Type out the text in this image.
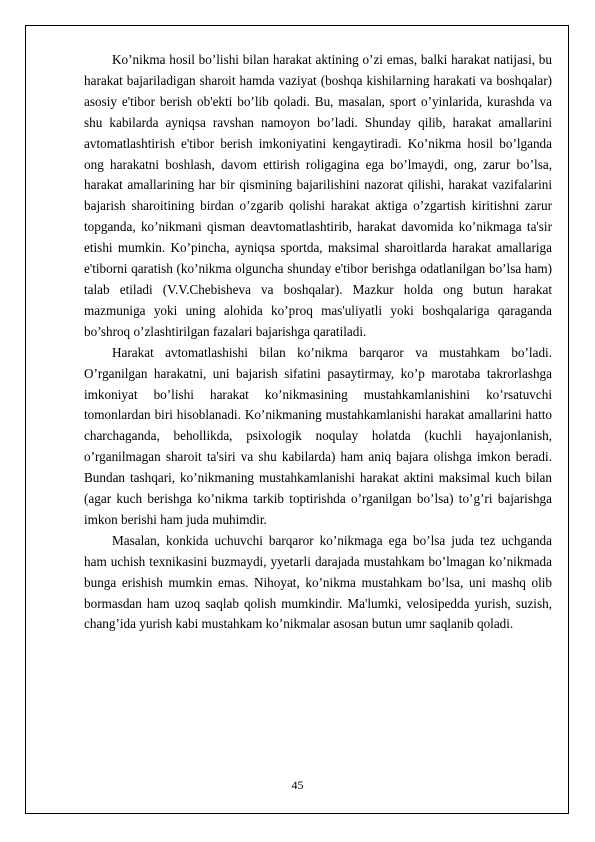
Ko’nikma hosil bo’lishi bilan harakat aktining o’zi emas, balki harakat natijasi, bu harakat bajariladigan sharoit hamda vaziyat (boshqa kishilarning harakati va boshqalar) asosiy e'tibor berish ob'ekti bo’lib qoladi. Bu, masalan, sport o’yinlarida, kurashda va shu kabilarda ayniqsa ravshan namoyon bo’ladi. Shunday qilib, harakat amallarini avtomatlashtirish e'tibor berish imkoniyatini kengaytiradi. Ko’nikma hosil bo’lganda ong harakatni boshlash, davom ettirish roligagina ega bo’lmaydi, ong, zarur bo’lsa, harakat amallarining har bir qismining bajarilishini nazorat qilishi, harakat vazifalarini bajarish sharoitining birdan o’zgarib qolishi harakat aktiga o’zgartish kiritishni zarur topganda, ko’nikmani qisman deavtomatlashtirib, harakat davomida ko’nikmaga ta'sir etishi mumkin. Ko’pincha, ayniqsa sportda, maksimal sharoitlarda harakat amallariga e'tiborni qaratish (ko’nikma olguncha shunday e'tibor berishga odatlanilgan bo’lsa ham) talab etiladi (V.V.Chebisheva va boshqalar). Mazkur holda ong butun harakat mazmuniga yoki uning alohida ko’proq mas'uliyatli yoki boshqalariga qaraganda bo’shroq o’zlashtirilgan fazalari bajarishga qaratiladi.

Harakat avtomatlashishi bilan ko’nikma barqaror va mustahkam bo’ladi. O’rganilgan harakatni, uni bajarish sifatini pasaytirmay, ko’p marotaba takrorlashga imkoniyat bo’lishi harakat ko’nikmasining mustahkamlanishini ko’rsatuvchi tomonlardan biri hisoblanadi. Ko’nikmaning mustahkamlanishi harakat amallarini hatto charchaganda, behollikda, psixologik noqulay holatda (kuchli hayajonlanish, o’rganilmagan sharoit ta'siri va shu kabilarda) ham aniq bajara olishga imkon beradi. Bundan tashqari, ko’nikmaning mustahkamlanishi harakat aktini maksimal kuch bilan (agar kuch berishga ko’nikma tarkib toptirishda o’rganilgan bo’lsa) to’g’ri bajarishga imkon berishi ham juda muhimdir.

Masalan, konkida uchuvchi barqaror ko’nikmaga ega bo’lsa juda tez uchganda ham uchish texnikasini buzmaydi, yyetarli darajada mustahkam bo’lmagan ko’nikmada bunga erishish mumkin emas. Nihoyat, ko’nikma mustahkam bo’lsa, uni mashq olib bormasdan ham uzoq saqlab qolish mumkindir. Ma'lumki, velosipedda yurish, suzish, chang’ida yurish kabi mustahkam ko’nikmalar asosan butun umr saqlanib qoladi.

45
